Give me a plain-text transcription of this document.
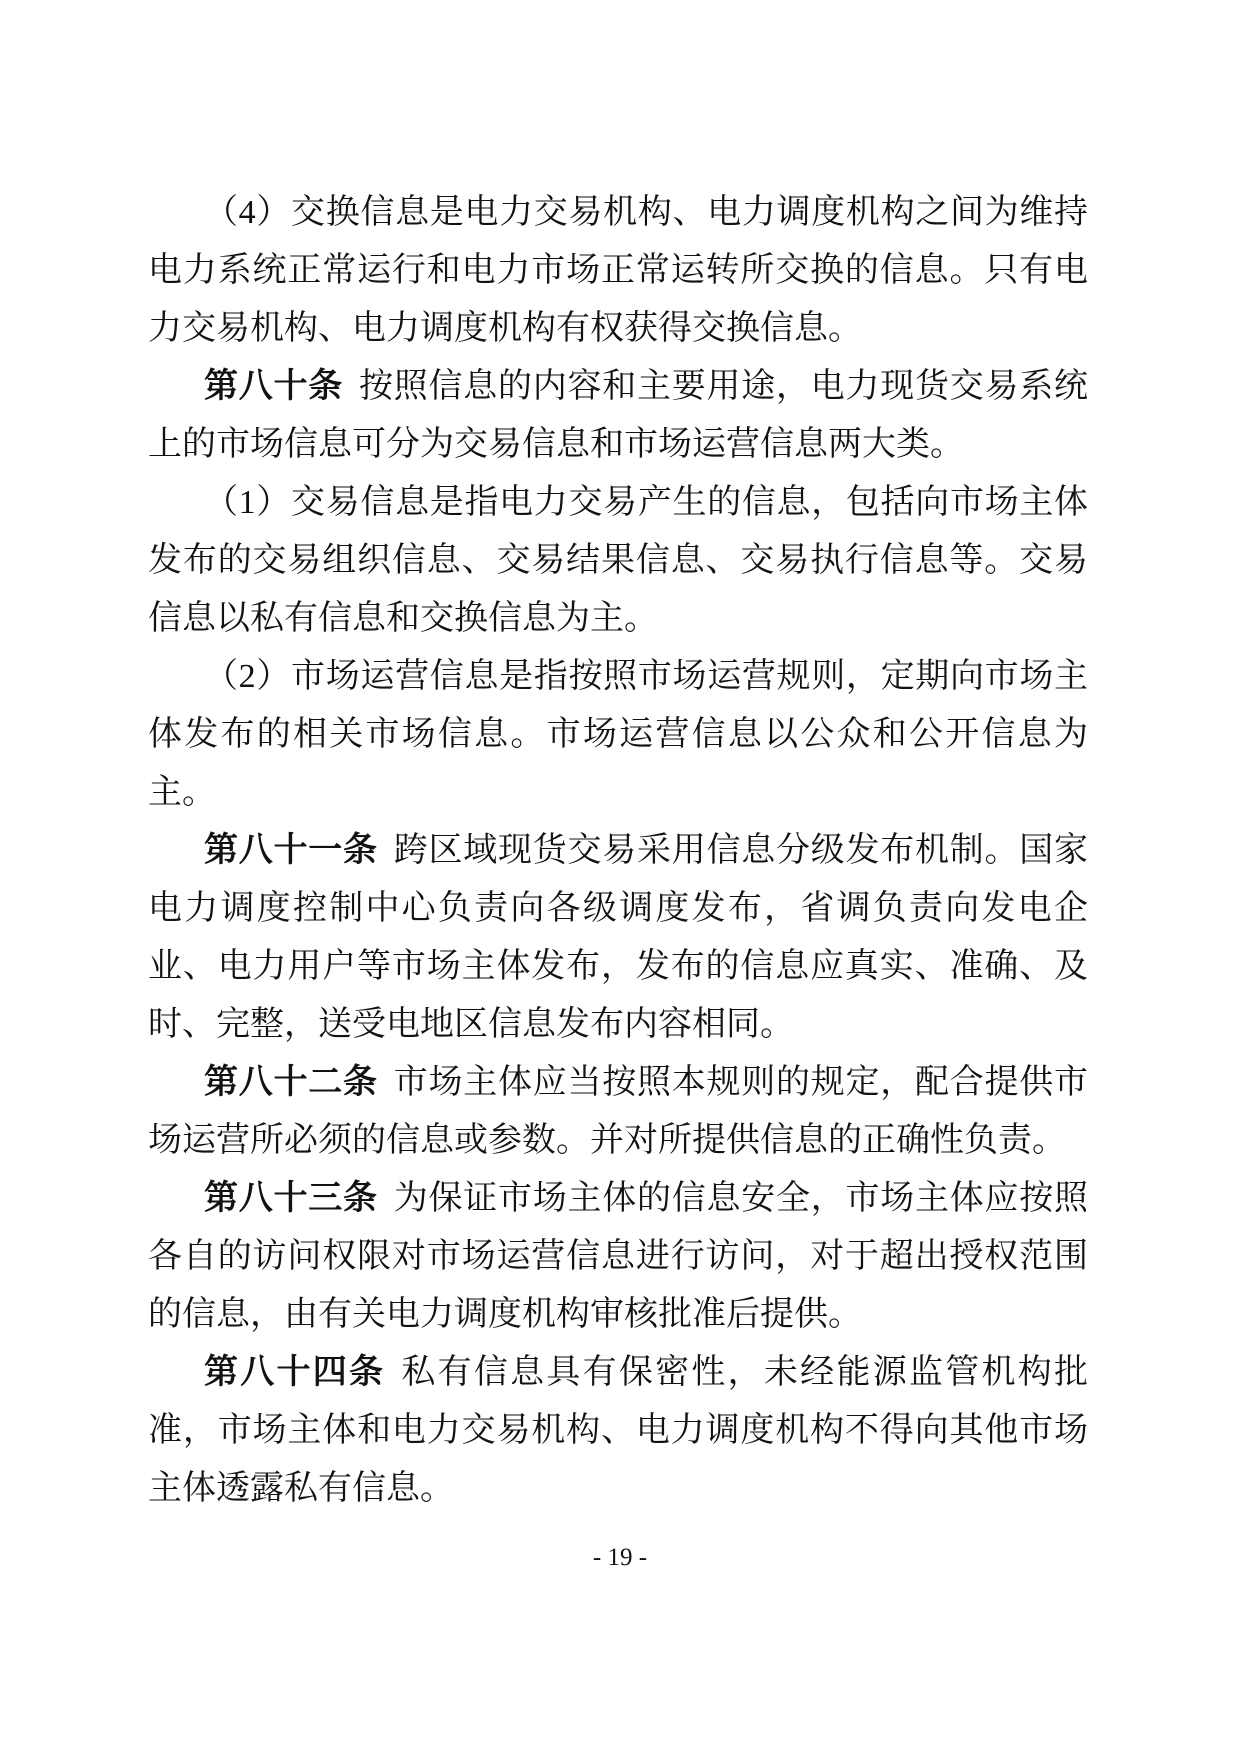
（4）交换信息是电力交易机构、电力调度机构之间为维持电力系统正常运行和电力市场正常运转所交换的信息。只有电力交易机构、电力调度机构有权获得交换信息。

第八十条 按照信息的内容和主要用途，电力现货交易系统上的市场信息可分为交易信息和市场运营信息两大类。

（1）交易信息是指电力交易产生的信息，包括向市场主体发布的交易组织信息、交易结果信息、交易执行信息等。交易信息以私有信息和交换信息为主。

（2）市场运营信息是指按照市场运营规则，定期向市场主体发布的相关市场信息。市场运营信息以公众和公开信息为主。

第八十一条 跨区域现货交易采用信息分级发布机制。国家电力调度控制中心负责向各级调度发布，省调负责向发电企业、电力用户等市场主体发布，发布的信息应真实、准确、及时、完整，送受电地区信息发布内容相同。

第八十二条 市场主体应当按照本规则的规定，配合提供市场运营所必须的信息或参数。并对所提供信息的正确性负责。

第八十三条 为保证市场主体的信息安全，市场主体应按照各自的访问权限对市场运营信息进行访问，对于超出授权范围的信息，由有关电力调度机构审核批准后提供。

第八十四条 私有信息具有保密性，未经能源监管机构批准，市场主体和电力交易机构、电力调度机构不得向其他市场主体透露私有信息。

- 19 -
